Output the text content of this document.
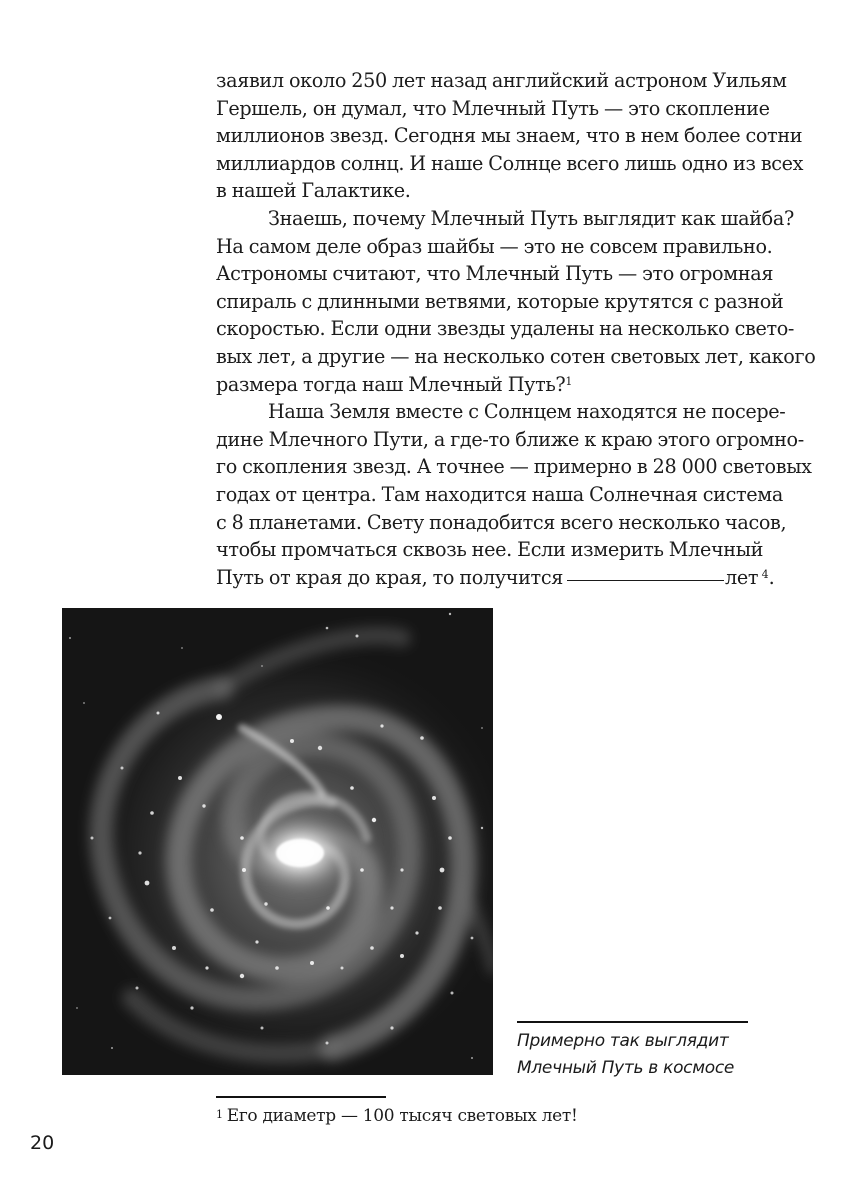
заявил около 250 лет назад английский астроном Уильям
Гершель, он думал, что Млечный Путь — это скопление
миллионов звезд. Сегодня мы знаем, что в нем более сотни
миллиардов солнц. И наше Солнце всего лишь одно из всех
в нашей Галактике.

Знаешь, почему Млечный Путь выглядит как шайба?
На самом деле образ шайбы — это не совсем правильно.
Астрономы считают, что Млечный Путь — это огромная
спираль с длинными ветвями, которые крутятся с разной
скоростью. Если одни звезды удалены на несколько свето-
вых лет, а другие — на несколько сотен световых лет, какого
размера тогда наш Млечный Путь?$^1$

Наша Земля вместе с Солнцем находятся не посере-
дине Млечного Пути, а где-то ближе к краю этого огромно-
го скопления звезд. А точнее — примерно в 28 000 световых
годах от центра. Там находится наша Солнечная система
с 8 планетами. Свету понадобится всего несколько часов,
чтобы промчаться сквозь нее. Если измерить Млечный
Путь от края до края, то получится	лет  $^4$.

Примерно так выглядит
Млечный Путь в космосе
$^1$ Его диаметр — 100 тысяч световых лет!
20
